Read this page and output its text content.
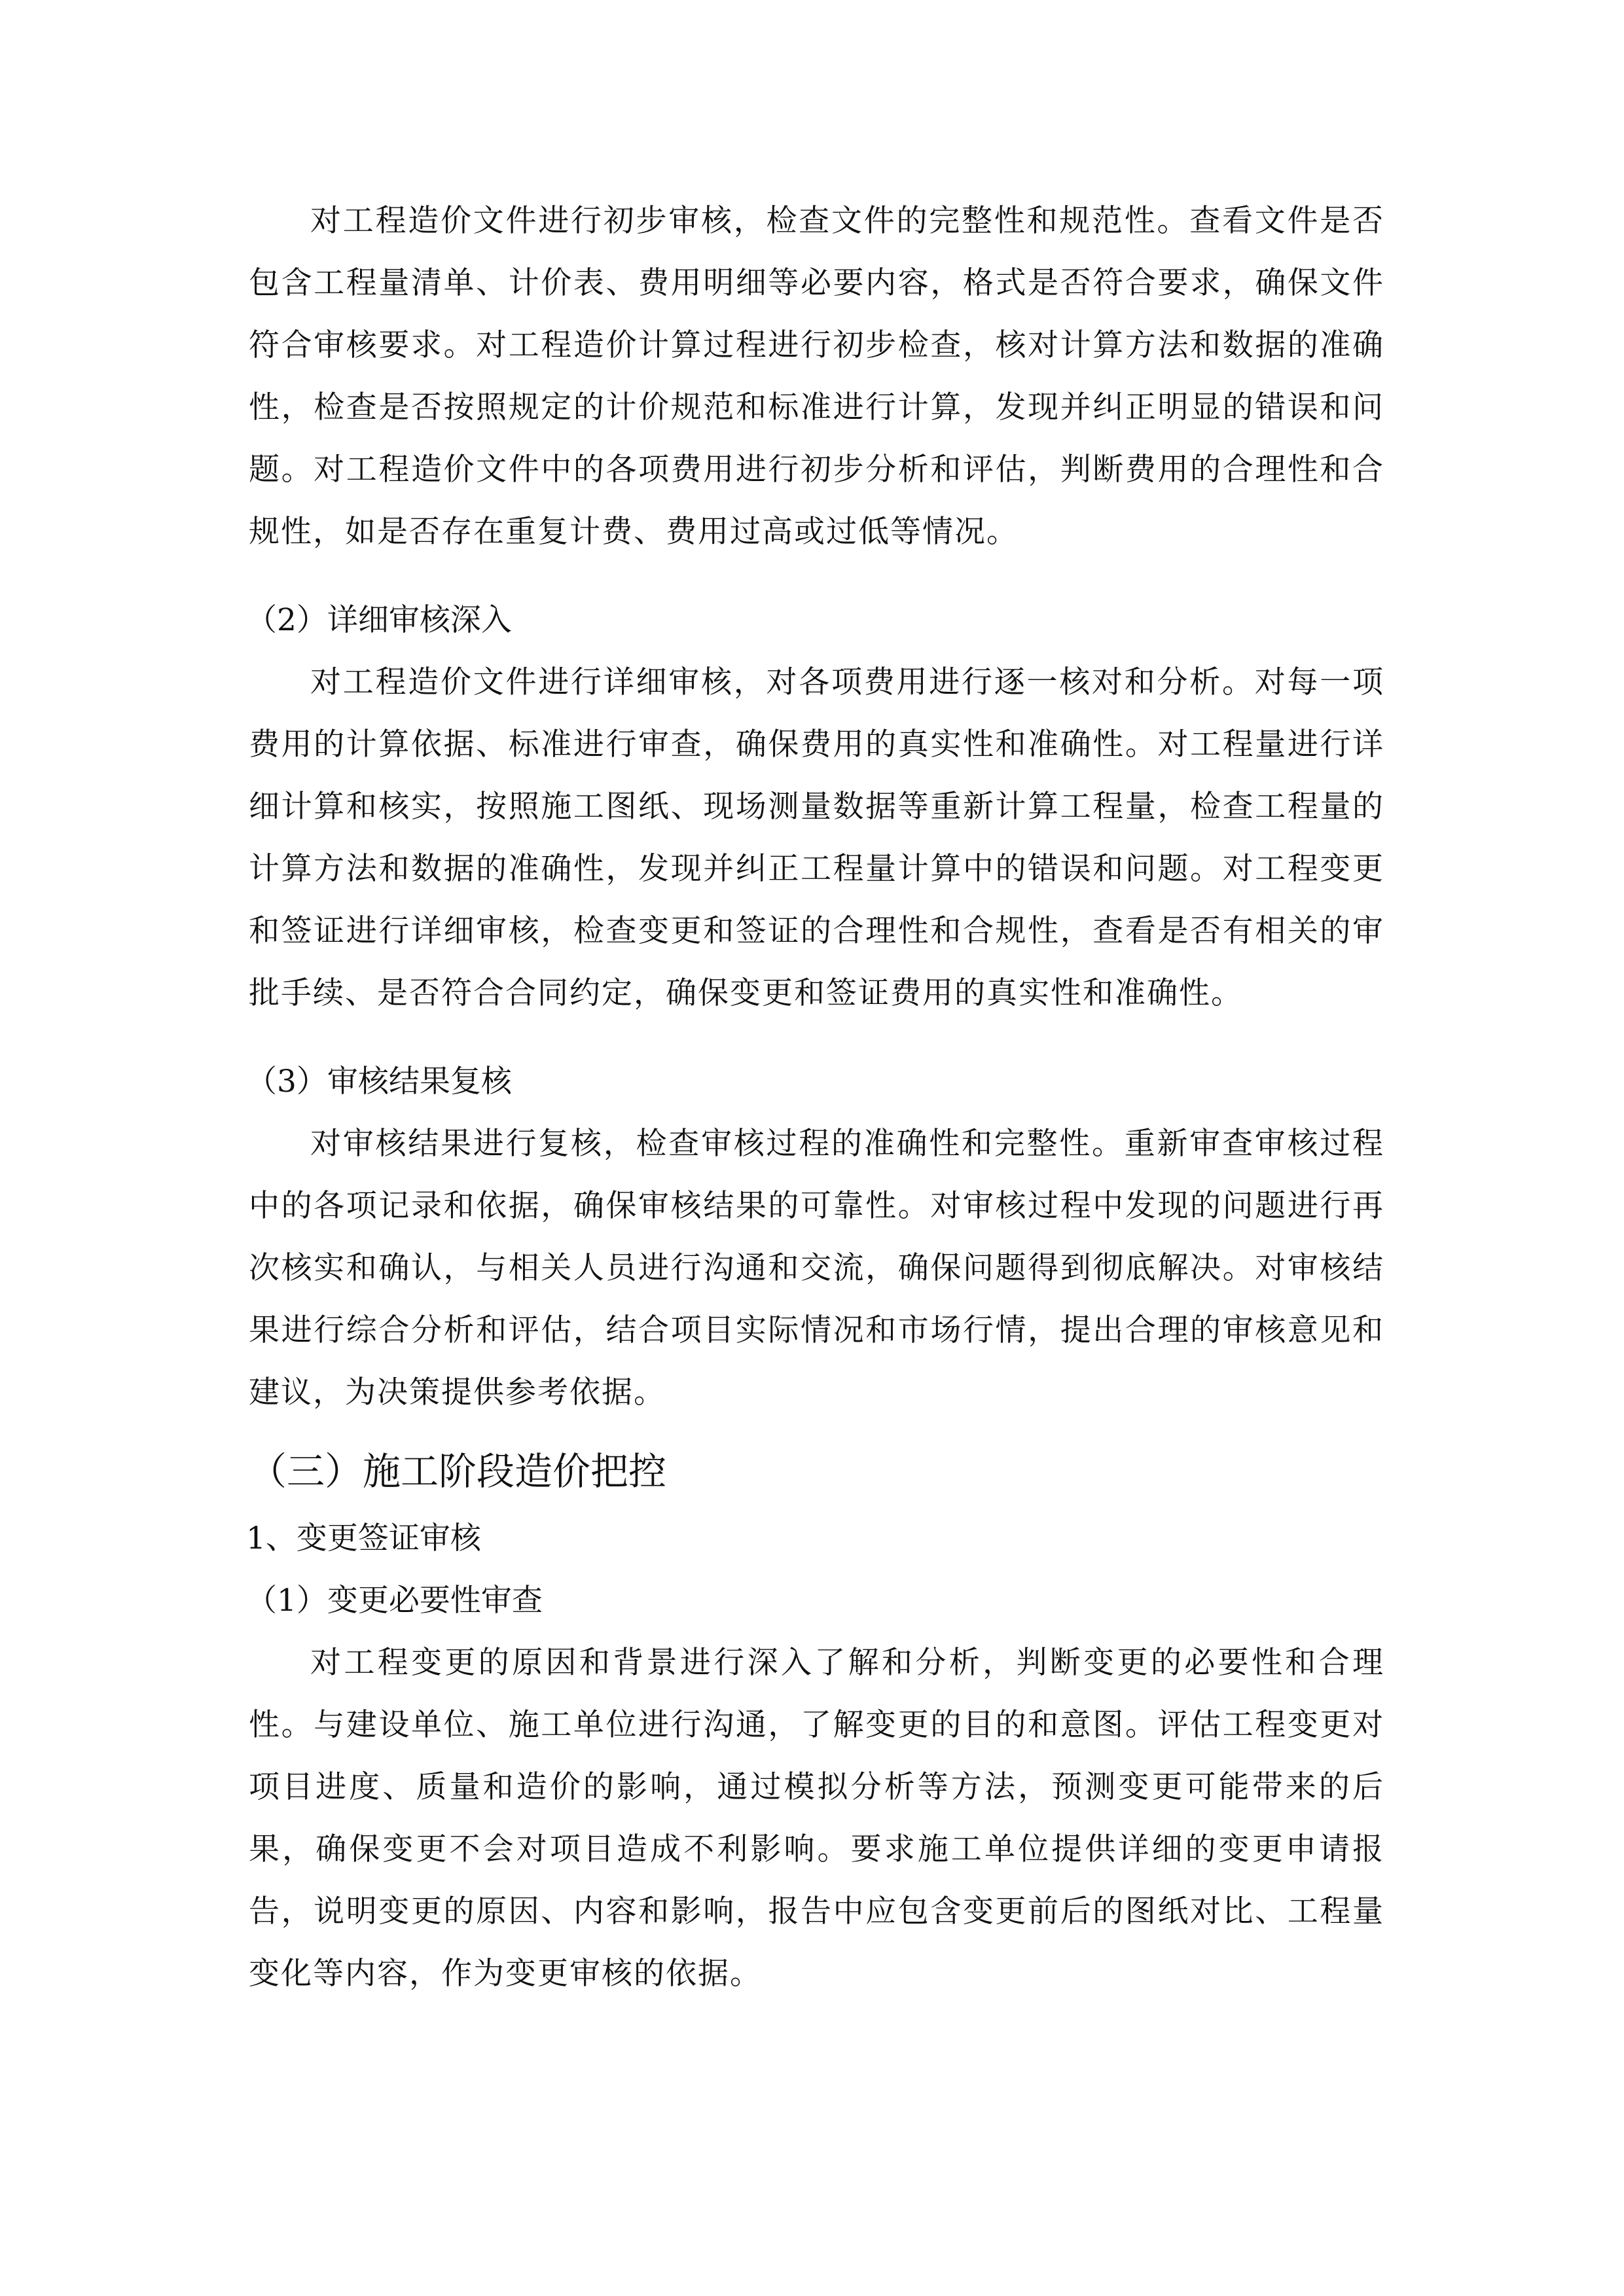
对工程造价文件进行初步审核，检查文件的完整性和规范性。查看文件是否包含工程量清单、计价表、费用明细等必要内容，格式是否符合要求，确保文件符合审核要求。对工程造价计算过程进行初步检查，核对计算方法和数据的准确性，检查是否按照规定的计价规范和标准进行计算，发现并纠正明显的错误和问题。对工程造价文件中的各项费用进行初步分析和评估，判断费用的合理性和合规性，如是否存在重复计费、费用过高或过低等情况。

（2）详细审核深入

对工程造价文件进行详细审核，对各项费用进行逐一核对和分析。对每一项费用的计算依据、标准进行审查，确保费用的真实性和准确性。对工程量进行详细计算和核实，按照施工图纸、现场测量数据等重新计算工程量，检查工程量的计算方法和数据的准确性，发现并纠正工程量计算中的错误和问题。对工程变更和签证进行详细审核，检查变更和签证的合理性和合规性，查看是否有相关的审批手续、是否符合合同约定，确保变更和签证费用的真实性和准确性。

（3）审核结果复核

对审核结果进行复核，检查审核过程的准确性和完整性。重新审查审核过程中的各项记录和依据，确保审核结果的可靠性。对审核过程中发现的问题进行再次核实和确认，与相关人员进行沟通和交流，确保问题得到彻底解决。对审核结果进行综合分析和评估，结合项目实际情况和市场行情，提出合理的审核意见和建议，为决策提供参考依据。

（三）施工阶段造价把控

1、变更签证审核

（1）变更必要性审查

对工程变更的原因和背景进行深入了解和分析，判断变更的必要性和合理性。与建设单位、施工单位进行沟通，了解变更的目的和意图。评估工程变更对项目进度、质量和造价的影响，通过模拟分析等方法，预测变更可能带来的后果，确保变更不会对项目造成不利影响。要求施工单位提供详细的变更申请报告，说明变更的原因、内容和影响，报告中应包含变更前后的图纸对比、工程量变化等内容，作为变更审核的依据。
